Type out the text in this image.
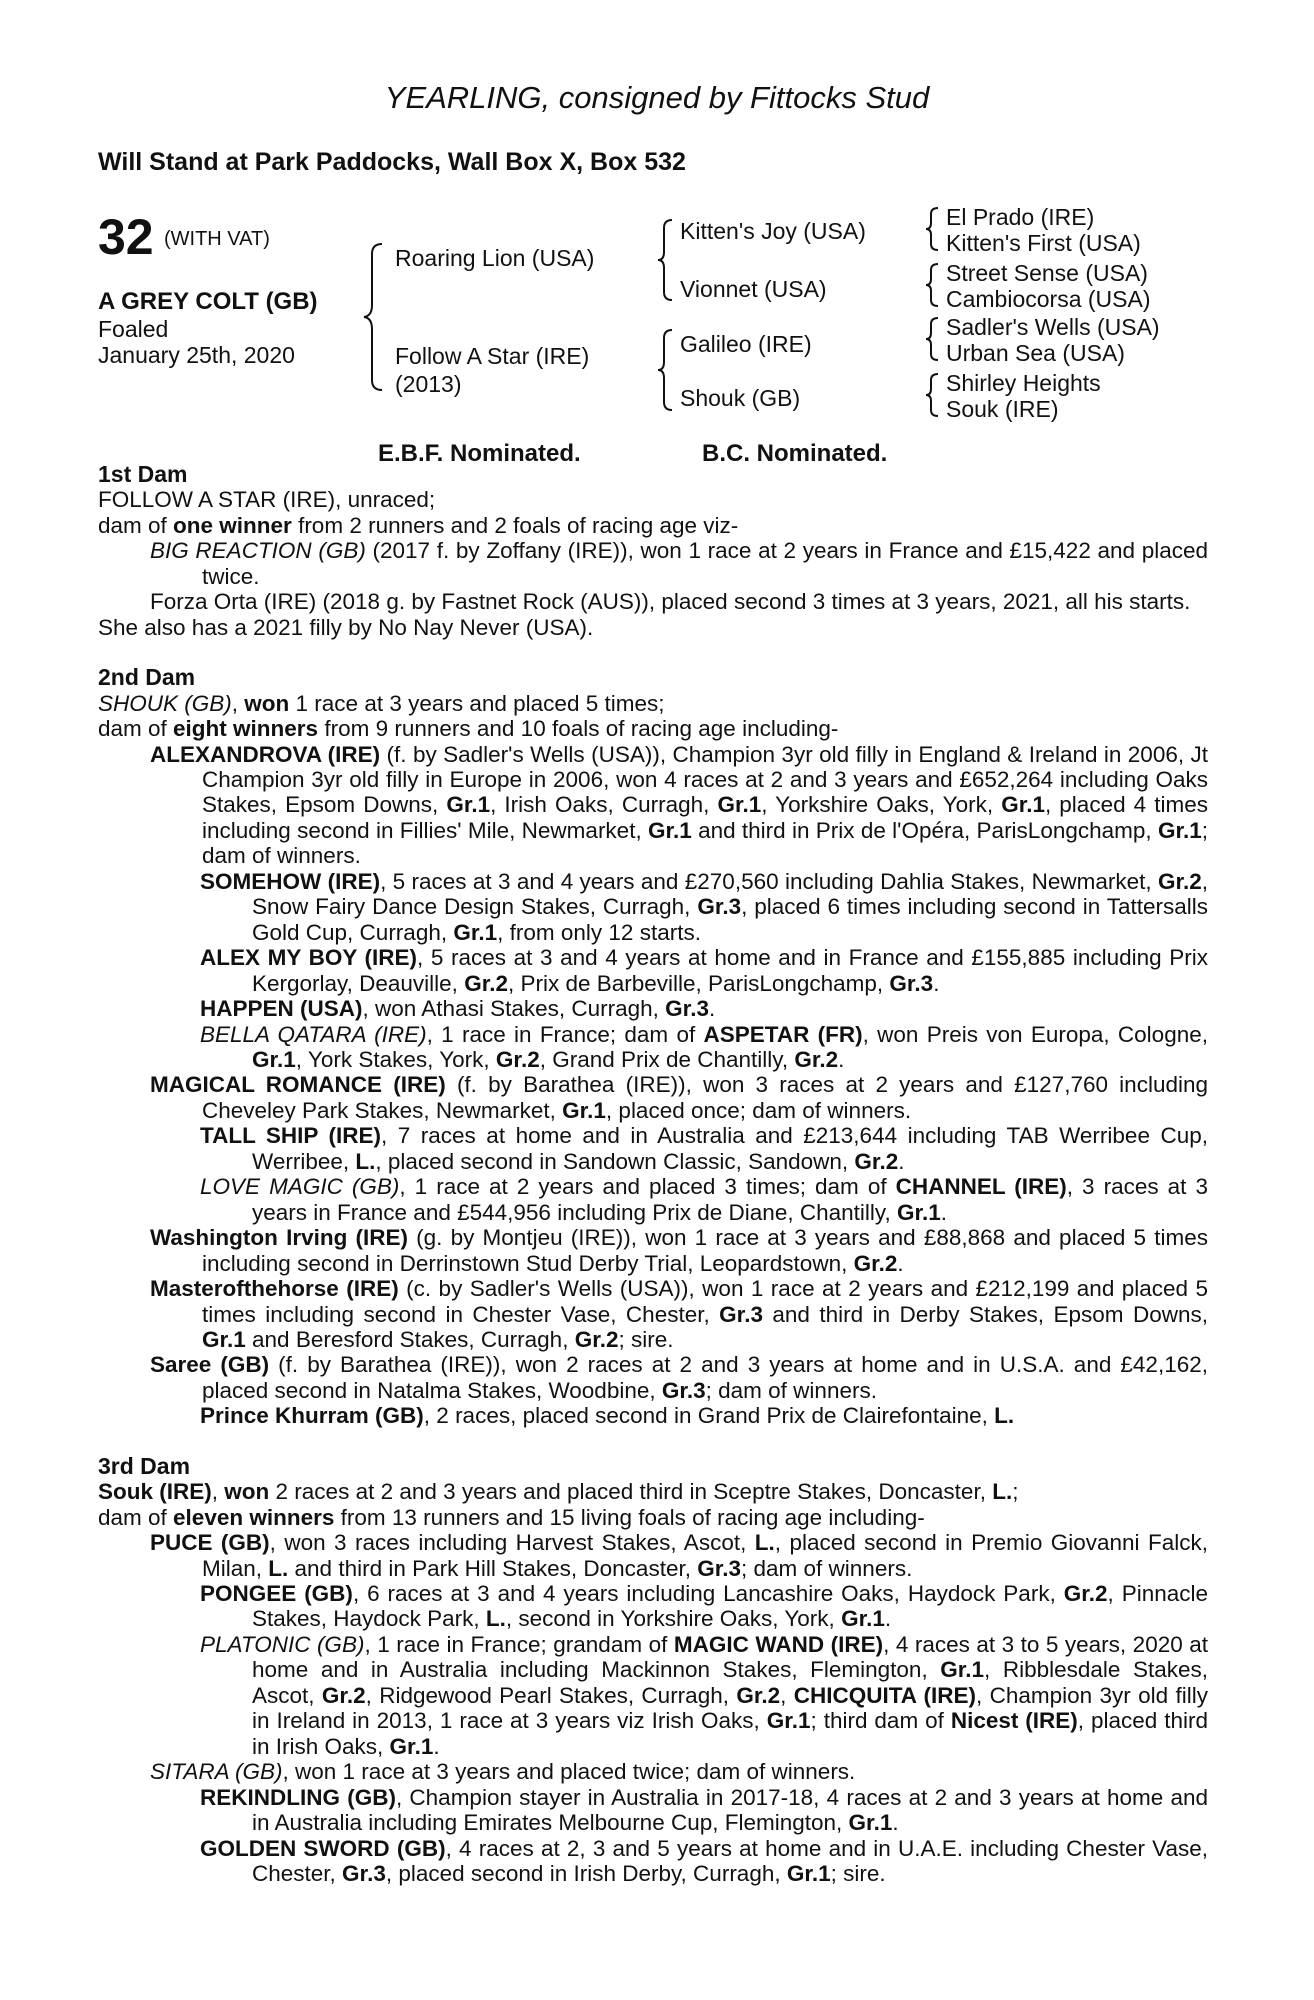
YEARLING, consigned by Fittocks Stud
Will Stand at Park Paddocks, Wall Box X, Box 532
32 (WITH VAT)
A GREY COLT (GB)
Foaled
January 25th, 2020
Roaring Lion (USA)
Follow A Star (IRE)
(2013)
Kitten's Joy (USA)
Vionnet (USA)
Galileo (IRE)
Shouk (GB)
El Prado (IRE)
Kitten's First (USA)
Street Sense (USA)
Cambiocorsa (USA)
Sadler's Wells (USA)
Urban Sea (USA)
Shirley Heights
Souk (IRE)
E.B.F. Nominated.	B.C. Nominated.

1st Dam

FOLLOW A STAR (IRE), unraced;

dam of one winner from 2 runners and 2 foals of racing age viz-

BIG REACTION (GB) (2017 f. by Zoffany (IRE)), won 1 race at 2 years in France and £15,422 and placed twice.

Forza Orta (IRE) (2018 g. by Fastnet Rock (AUS)), placed second 3 times at 3 years, 2021, all his starts.

She also has a 2021 filly by No Nay Never (USA).

2nd Dam

SHOUK (GB), won 1 race at 3 years and placed 5 times;

dam of eight winners from 9 runners and 10 foals of racing age including-

ALEXANDROVA (IRE) (f. by Sadler's Wells (USA)), Champion 3yr old filly in England & Ireland in 2006, Jt Champion 3yr old filly in Europe in 2006, won 4 races at 2 and 3 years and £652,264 including Oaks Stakes, Epsom Downs, Gr.1, Irish Oaks, Curragh, Gr.1, Yorkshire Oaks, York, Gr.1, placed 4 times including second in Fillies' Mile, Newmarket, Gr.1 and third in Prix de l'Opéra, ParisLongchamp, Gr.1; dam of winners.

SOMEHOW (IRE), 5 races at 3 and 4 years and £270,560 including Dahlia Stakes, Newmarket, Gr.2, Snow Fairy Dance Design Stakes, Curragh, Gr.3, placed 6 times including second in Tattersalls Gold Cup, Curragh, Gr.1, from only 12 starts.

ALEX MY BOY (IRE), 5 races at 3 and 4 years at home and in France and £155,885 including Prix Kergorlay, Deauville, Gr.2, Prix de Barbeville, ParisLongchamp, Gr.3.

HAPPEN (USA), won Athasi Stakes, Curragh, Gr.3.

BELLA QATARA (IRE), 1 race in France; dam of ASPETAR (FR), won Preis von Europa, Cologne, Gr.1, York Stakes, York, Gr.2, Grand Prix de Chantilly, Gr.2.

MAGICAL ROMANCE (IRE) (f. by Barathea (IRE)), won 3 races at 2 years and £127,760 including Cheveley Park Stakes, Newmarket, Gr.1, placed once; dam of winners.

TALL SHIP (IRE), 7 races at home and in Australia and £213,644 including TAB Werribee Cup, Werribee, L., placed second in Sandown Classic, Sandown, Gr.2.

LOVE MAGIC (GB), 1 race at 2 years and placed 3 times; dam of CHANNEL (IRE), 3 races at 3 years in France and £544,956 including Prix de Diane, Chantilly, Gr.1.

Washington Irving (IRE) (g. by Montjeu (IRE)), won 1 race at 3 years and £88,868 and placed 5 times including second in Derrinstown Stud Derby Trial, Leopardstown, Gr.2.

Masterofthehorse (IRE) (c. by Sadler's Wells (USA)), won 1 race at 2 years and £212,199 and placed 5 times including second in Chester Vase, Chester, Gr.3 and third in Derby Stakes, Epsom Downs, Gr.1 and Beresford Stakes, Curragh, Gr.2; sire.

Saree (GB) (f. by Barathea (IRE)), won 2 races at 2 and 3 years at home and in U.S.A. and £42,162, placed second in Natalma Stakes, Woodbine, Gr.3; dam of winners.

Prince Khurram (GB), 2 races, placed second in Grand Prix de Clairefontaine, L.

3rd Dam

Souk (IRE), won 2 races at 2 and 3 years and placed third in Sceptre Stakes, Doncaster, L.;

dam of eleven winners from 13 runners and 15 living foals of racing age including-

PUCE (GB), won 3 races including Harvest Stakes, Ascot, L., placed second in Premio Giovanni Falck, Milan, L. and third in Park Hill Stakes, Doncaster, Gr.3; dam of winners.

PONGEE (GB), 6 races at 3 and 4 years including Lancashire Oaks, Haydock Park, Gr.2, Pinnacle Stakes, Haydock Park, L., second in Yorkshire Oaks, York, Gr.1.

PLATONIC (GB), 1 race in France; grandam of MAGIC WAND (IRE), 4 races at 3 to 5 years, 2020 at home and in Australia including Mackinnon Stakes, Flemington, Gr.1, Ribblesdale Stakes, Ascot, Gr.2, Ridgewood Pearl Stakes, Curragh, Gr.2, CHICQUITA (IRE), Champion 3yr old filly in Ireland in 2013, 1 race at 3 years viz Irish Oaks, Gr.1; third dam of Nicest (IRE), placed third in Irish Oaks, Gr.1.

SITARA (GB), won 1 race at 3 years and placed twice; dam of winners.

REKINDLING (GB), Champion stayer in Australia in 2017-18, 4 races at 2 and 3 years at home and in Australia including Emirates Melbourne Cup, Flemington, Gr.1.

GOLDEN SWORD (GB), 4 races at 2, 3 and 5 years at home and in U.A.E. including Chester Vase, Chester, Gr.3, placed second in Irish Derby, Curragh, Gr.1; sire.
